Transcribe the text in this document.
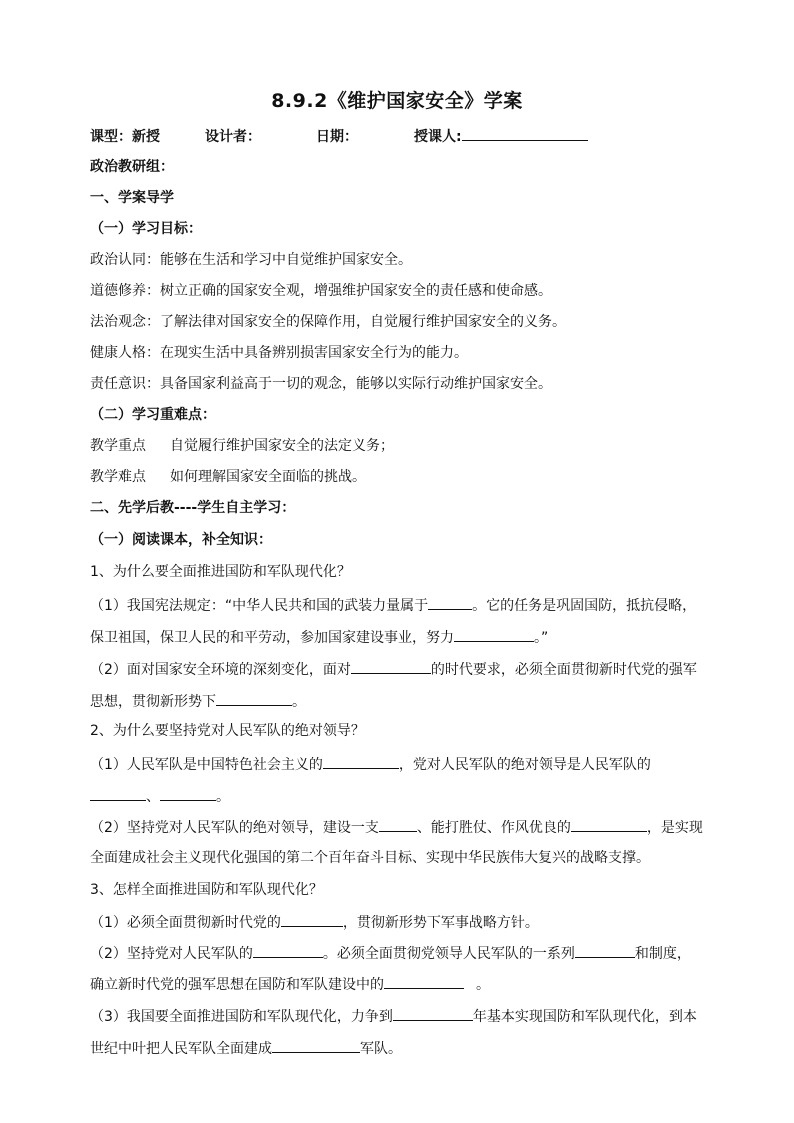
8.9.2《维护国家安全》学案
课型：新授	设计者：	日期：	授课人:
政治教研组：
一、学案导学
（一）学习目标：
政治认同：能够在生活和学习中自觉维护国家安全。
道德修养：树立正确的国家安全观，增强维护国家安全的责任感和使命感。
法治观念：了解法律对国家安全的保障作用，自觉履行维护国家安全的义务。
健康人格：在现实生活中具备辨别损害国家安全行为的能力。
责任意识：具备国家利益高于一切的观念，能够以实际行动维护国家安全。
（二）学习重难点：
教学重点 自觉履行维护国家安全的法定义务；
教学难点 如何理解国家安全面临的挑战。
二、先学后教----学生自主学习：
（一）阅读课本，补全知识：
1、为什么要全面推进国防和军队现代化？
（1）我国宪法规定：“中华人民共和国的武装力量属于	。它的任务是巩固国防，抵抗侵略，
保卫祖国，保卫人民的和平劳动，参加国家建设事业，努力	。”
（2）面对国家安全环境的深刻变化，面对	的时代要求，必须全面贯彻新时代党的强军
思想，贯彻新形势下	。
2、为什么要坚持党对人民军队的绝对领导？
（1）人民军队是中国特色社会主义的	，党对人民军队的绝对领导是人民军队的
、	。
（2）坚持党对人民军队的绝对领导，建设一支	、能打胜仗、作风优良的	，是实现
全面建成社会主义现代化强国的第二个百年奋斗目标、实现中华民族伟大复兴的战略支撑。
3、怎样全面推进国防和军队现代化？
（1）必须全面贯彻新时代党的	，贯彻新形势下军事战略方针。
（2）坚持党对人民军队的	。必须全面贯彻党领导人民军队的一系列	和制度，
确立新时代党的强军思想在国防和军队建设中的	。
（3）我国要全面推进国防和军队现代化，力争到	年基本实现国防和军队现代化，到本
世纪中叶把人民军队全面建成	军队。
